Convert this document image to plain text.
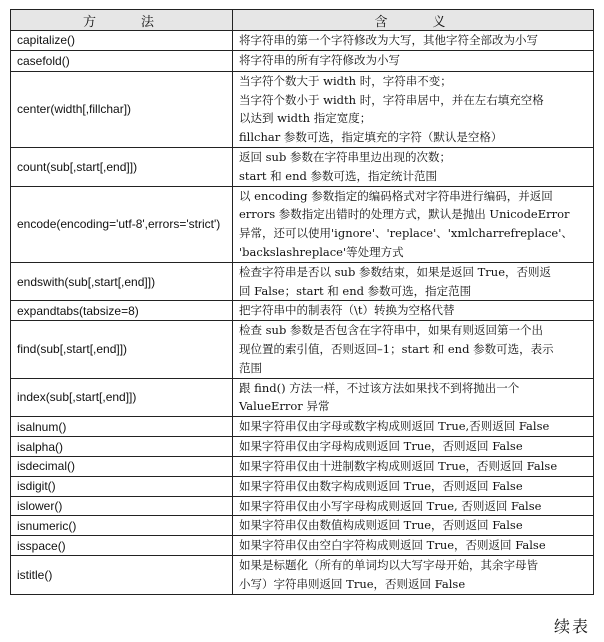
方　法	含　义
capitalize()	将字符串的第一个字符修改为大写，其他字符全部改为小写

casefold()	将字符串的所有字符修改为小写

center(width[,fillchar])	当字符个数大于 width 时，字符串不变；
当字符个数小于 width 时，字符串居中，并在左右填充空格
以达到 width 指定宽度；
fillchar 参数可选，指定填充的字符（默认是空格）

count(sub[,start[,end]])	返回 sub 参数在字符串里边出现的次数；
start 和 end 参数可选，指定统计范围

encode(encoding='utf-8',errors='strict')	以 encoding 参数指定的编码格式对字符串进行编码，并返回
errors 参数指定出错时的处理方式，默认是抛出 UnicodeError
异常，还可以使用'ignore'、'replace'、'xmlcharrefreplace'、
'backslashreplace'等处理方式

endswith(sub[,start[,end]])	检查字符串是否以 sub 参数结束，如果是返回 True，否则返
回 False；start 和 end 参数可选，指定范围

expandtabs(tabsize=8)	把字符串中的制表符（\t）转换为空格代替

find(sub[,start[,end]])	检查 sub 参数是否包含在字符串中，如果有则返回第一个出
现位置的索引值，否则返回–1；start 和 end 参数可选，表示
范围

index(sub[,start[,end]])	跟 find() 方法一样，不过该方法如果找不到将抛出一个
ValueError 异常

isalnum()	如果字符串仅由字母或数字构成则返回 True,否则返回 False

isalpha()	如果字符串仅由字母构成则返回 True，否则返回 False

isdecimal()	如果字符串仅由十进制数字构成则返回 True，否则返回 False

isdigit()	如果字符串仅由数字构成则返回 True，否则返回 False

islower()	如果字符串仅由小写字母构成则返回 True, 否则返回 False

isnumeric()	如果字符串仅由数值构成则返回 True，否则返回 False

isspace()	如果字符串仅由空白字符构成则返回 True，否则返回 False

istitle()	如果是标题化（所有的单词均以大写字母开始，其余字母皆
小写）字符串则返回 True，否则返回 False
续表
